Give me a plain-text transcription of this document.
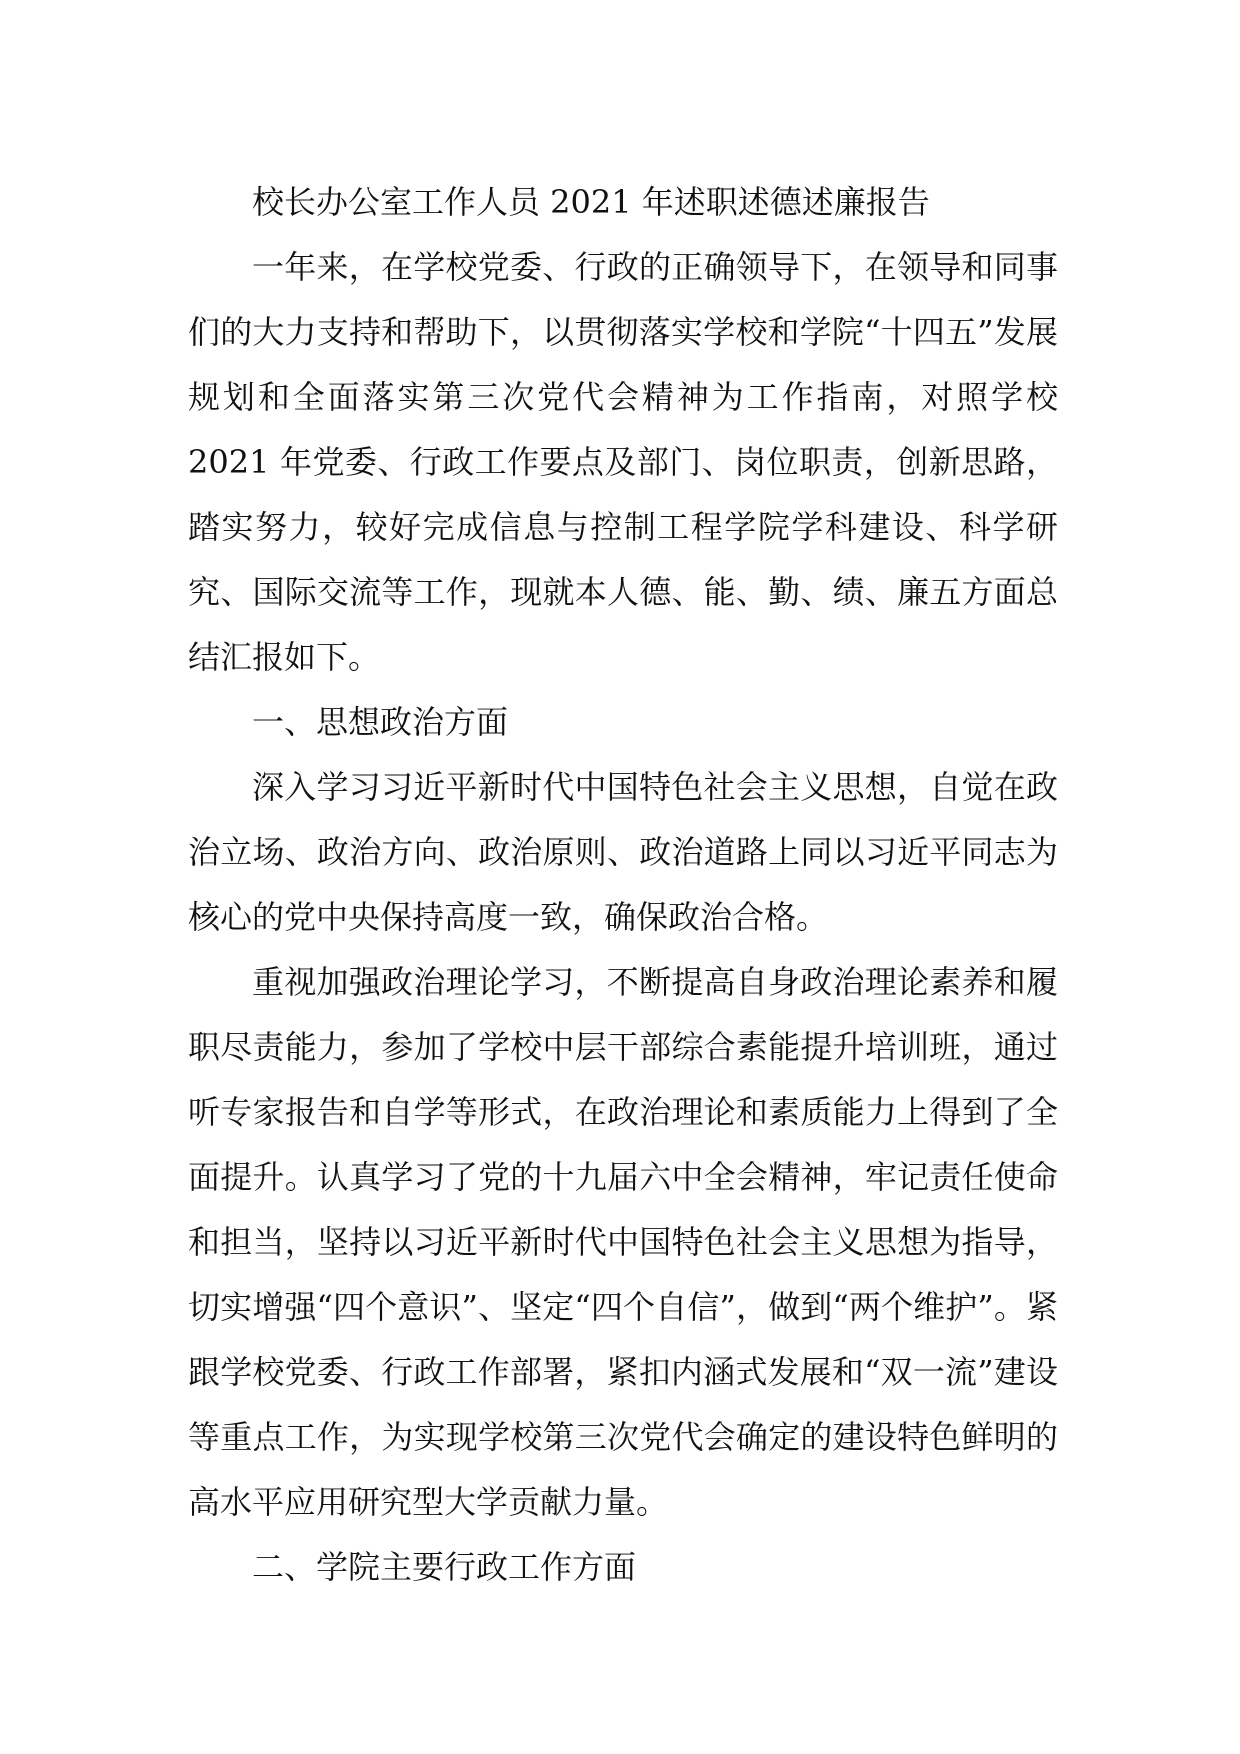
校长办公室工作人员 2021 年述职述德述廉报告

一年来，在学校党委、行政的正确领导下，在领导和同事们的大力支持和帮助下，以贯彻落实学校和学院“十四五”发展规划和全面落实第三次党代会精神为工作指南，对照学校 2021 年党委、行政工作要点及部门、岗位职责，创新思路，踏实努力，较好完成信息与控制工程学院学科建设、科学研究、国际交流等工作，现就本人德、能、勤、绩、廉五方面总结汇报如下。

一、思想政治方面

深入学习习近平新时代中国特色社会主义思想，自觉在政治立场、政治方向、政治原则、政治道路上同以习近平同志为核心的党中央保持高度一致，确保政治合格。

重视加强政治理论学习，不断提高自身政治理论素养和履职尽责能力，参加了学校中层干部综合素能提升培训班，通过听专家报告和自学等形式，在政治理论和素质能力上得到了全面提升。认真学习了党的十九届六中全会精神，牢记责任使命和担当，坚持以习近平新时代中国特色社会主义思想为指导，切实增强“四个意识”、坚定“四个自信”，做到“两个维护”。紧跟学校党委、行政工作部署，紧扣内涵式发展和“双一流”建设等重点工作，为实现学校第三次党代会确定的建设特色鲜明的高水平应用研究型大学贡献力量。

二、学院主要行政工作方面
